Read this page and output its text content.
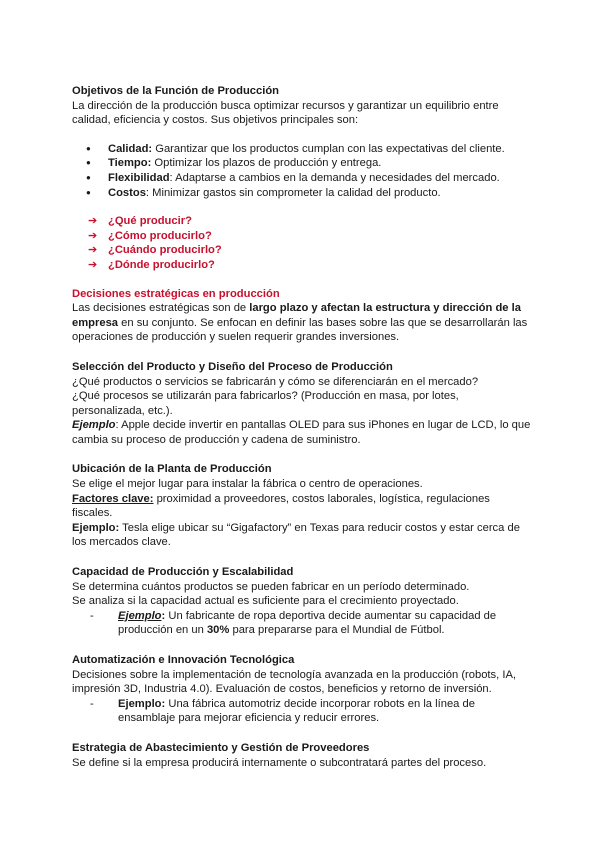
Objetivos de la Función de Producción

La dirección de la producción busca optimizar recursos y garantizar un equilibrio entre calidad, eficiencia y costos. Sus objetivos principales son:

● Calidad: Garantizar que los productos cumplan con las expectativas del cliente.
● Tiempo: Optimizar los plazos de producción y entrega.
● Flexibilidad: Adaptarse a cambios en la demanda y necesidades del mercado.
● Costos: Minimizar gastos sin comprometer la calidad del producto.
➔ ¿Qué producir?
➔ ¿Cómo producirlo?
➔ ¿Cuándo producirlo?
➔ ¿Dónde producirlo?

Decisiones estratégicas en producción

Las decisiones estratégicas son de largo plazo y afectan la estructura y dirección de la empresa en su conjunto. Se enfocan en definir las bases sobre las que se desarrollarán las operaciones de producción y suelen requerir grandes inversiones.

Selección del Producto y Diseño del Proceso de Producción

¿Qué productos o servicios se fabricarán y cómo se diferenciarán en el mercado?

¿Qué procesos se utilizarán para fabricarlos? (Producción en masa, por lotes, personalizada, etc.).

Ejemplo: Apple decide invertir en pantallas OLED para sus iPhones en lugar de LCD, lo que cambia su proceso de producción y cadena de suministro.

Ubicación de la Planta de Producción

Se elige el mejor lugar para instalar la fábrica o centro de operaciones.

Factores clave: proximidad a proveedores, costos laborales, logística, regulaciones fiscales.

Ejemplo: Tesla elige ubicar su “Gigafactory” en Texas para reducir costos y estar cerca de los mercados clave.

Capacidad de Producción y Escalabilidad

Se determina cuántos productos se pueden fabricar en un período determinado.

Se analiza si la capacidad actual es suficiente para el crecimiento proyectado.

- Ejemplo: Un fabricante de ropa deportiva decide aumentar su capacidad de producción en un 30% para prepararse para el Mundial de Fútbol.

Automatización e Innovación Tecnológica

Decisiones sobre la implementación de tecnología avanzada en la producción (robots, IA, impresión 3D, Industria 4.0). Evaluación de costos, beneficios y retorno de inversión.

- Ejemplo: Una fábrica automotriz decide incorporar robots en la línea de ensamblaje para mejorar eficiencia y reducir errores.

Estrategia de Abastecimiento y Gestión de Proveedores

Se define si la empresa producirá internamente o subcontratará partes del proceso.
